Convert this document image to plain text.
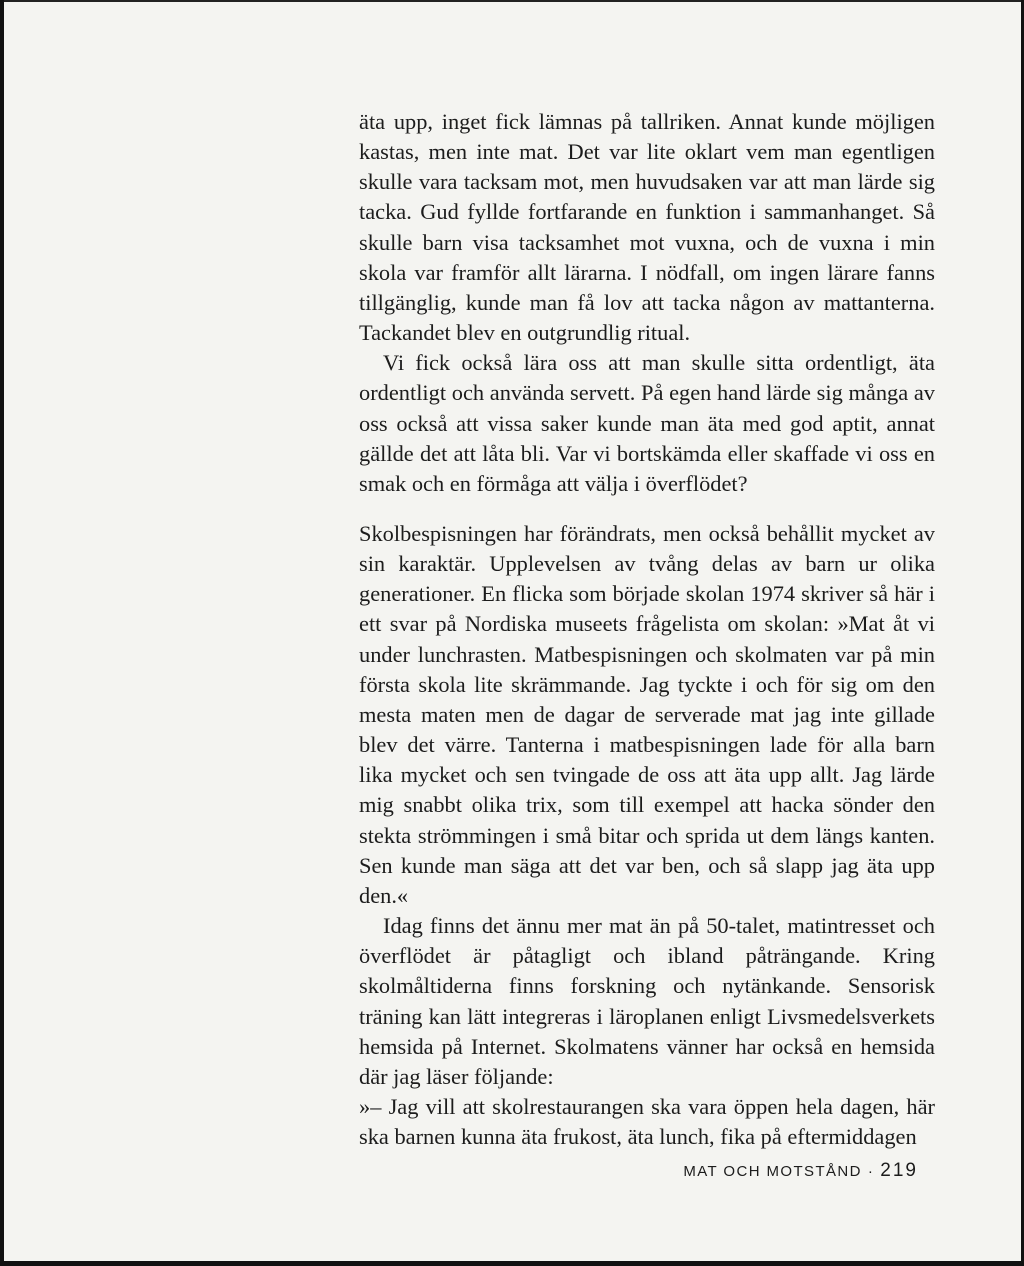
äta upp, inget fick lämnas på tallriken. Annat kunde möjligen kastas, men inte mat. Det var lite oklart vem man egentligen skulle vara tacksam mot, men huvudsaken var att man lärde sig tacka. Gud fyllde fortfarande en funktion i sammanhanget. Så skulle barn visa tacksamhet mot vuxna, och de vuxna i min skola var framför allt lärarna. I nödfall, om ingen lärare fanns tillgänglig, kunde man få lov att tacka någon av mattanterna. Tackandet blev en outgrundlig ritual.

Vi fick också lära oss att man skulle sitta ordentligt, äta ordentligt och använda servett. På egen hand lärde sig många av oss också att vissa saker kunde man äta med god aptit, annat gällde det att låta bli. Var vi bortskämda eller skaffade vi oss en smak och en förmåga att välja i överflödet?

Skolbespisningen har förändrats, men också behållit mycket av sin karaktär. Upplevelsen av tvång delas av barn ur olika generationer. En flicka som började skolan 1974 skriver så här i ett svar på Nordiska museets frågelista om skolan: »Mat åt vi under lunchrasten. Matbespisningen och skolmaten var på min första skola lite skrämmande. Jag tyckte i och för sig om den mesta maten men de dagar de serverade mat jag inte gillade blev det värre. Tanterna i matbespisningen lade för alla barn lika mycket och sen tvingade de oss att äta upp allt. Jag lärde mig snabbt olika trix, som till exempel att hacka sönder den stekta strömmingen i små bitar och sprida ut dem längs kanten. Sen kunde man säga att det var ben, och så slapp jag äta upp den.«

Idag finns det ännu mer mat än på 50-talet, matintresset och överflödet är påtagligt och ibland påträngande. Kring skolmåltiderna finns forskning och nytänkande. Sensorisk träning kan lätt integreras i läroplanen enligt Livsmedelsverkets hemsida på Internet. Skolmatens vänner har också en hemsida där jag läser följande:

»– Jag vill att skolrestaurangen ska vara öppen hela dagen, här ska barnen kunna äta frukost, äta lunch, fika på eftermiddagen

MAT OCH MOTSTÅND · 219
